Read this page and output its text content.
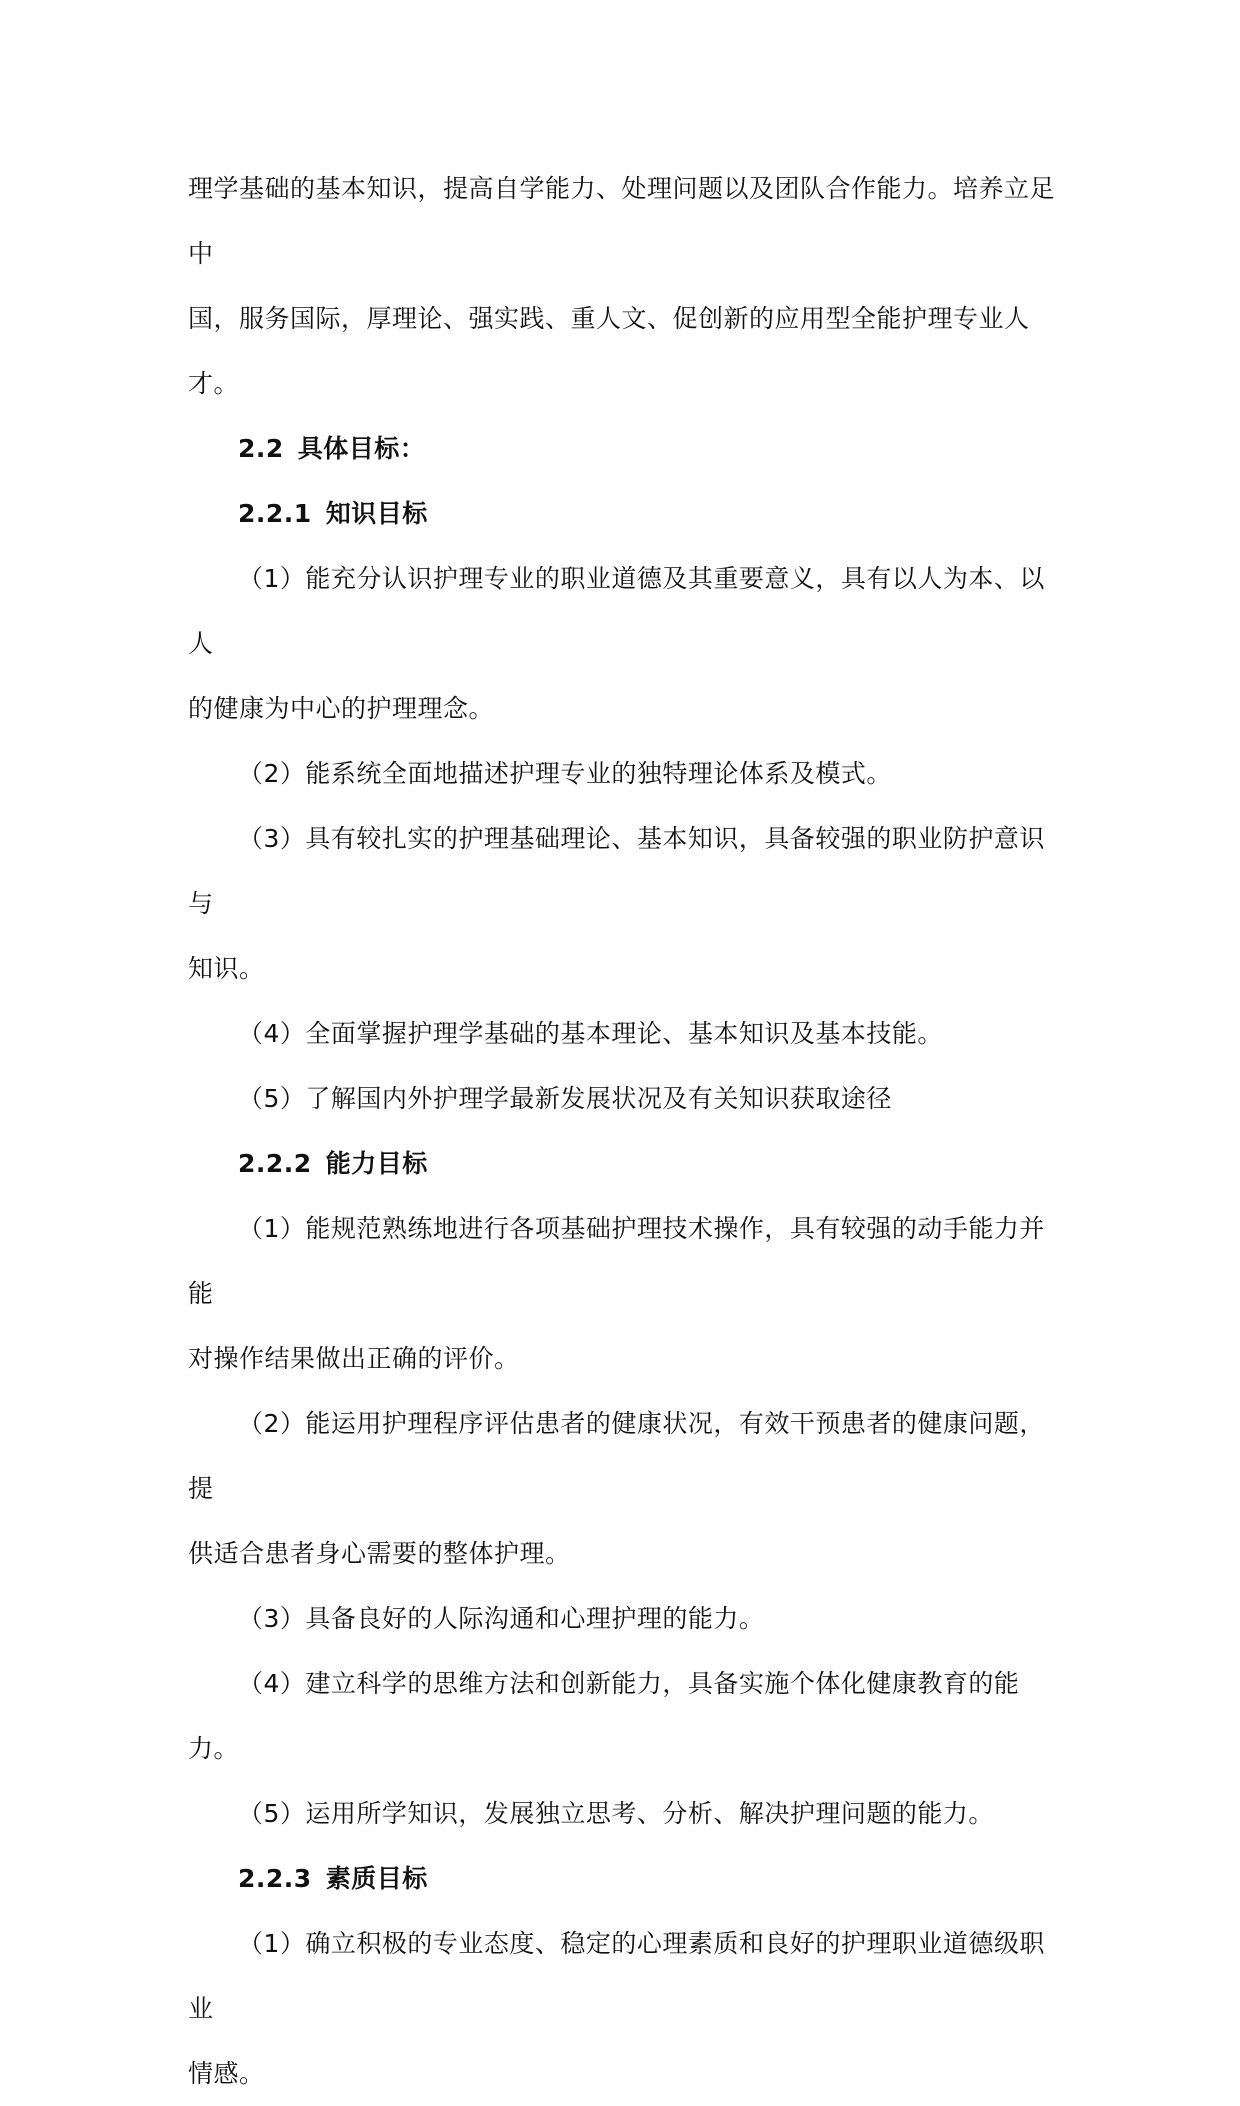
理学基础的基本知识，提高自学能力、处理问题以及团队合作能力。培养立足中

国，服务国际，厚理论、强实践、重人文、促创新的应用型全能护理专业人才。

2.2 具体目标：

2.2.1 知识目标

（1）能充分认识护理专业的职业道德及其重要意义，具有以人为本、以人

的健康为中心的护理理念。

（2）能系统全面地描述护理专业的独特理论体系及模式。

（3）具有较扎实的护理基础理论、基本知识，具备较强的职业防护意识与

知识。

（4）全面掌握护理学基础的基本理论、基本知识及基本技能。

（5）了解国内外护理学最新发展状况及有关知识获取途径

2.2.2 能力目标

（1）能规范熟练地进行各项基础护理技术操作，具有较强的动手能力并能

对操作结果做出正确的评价。

（2）能运用护理程序评估患者的健康状况，有效干预患者的健康问题，提

供适合患者身心需要的整体护理。

（3）具备良好的人际沟通和心理护理的能力。

（4）建立科学的思维方法和创新能力，具备实施个体化健康教育的能力。

（5）运用所学知识，发展独立思考、分析、解决护理问题的能力。

2.2.3 素质目标

（1）确立积极的专业态度、稳定的心理素质和良好的护理职业道德级职业

情感。
